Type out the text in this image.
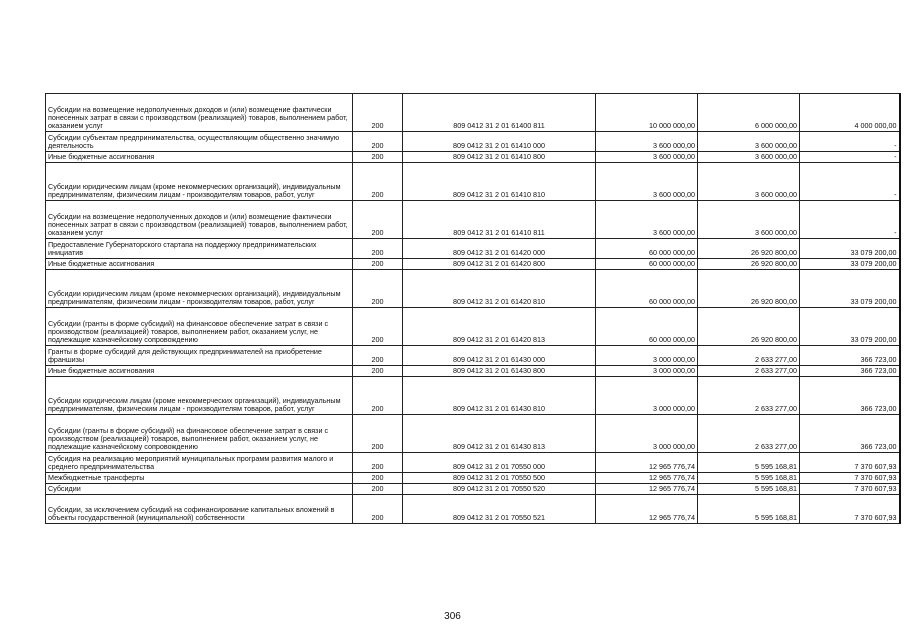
Субсидии на возмещение недополученных доходов и (или) возмещение фактически понесенных затрат в связи с производством (реализацией) товаров, выполнением работ, оказанием услуг	200	809 0412 31 2 01 61400 811	10 000 000,00	6 000 000,00	4 000 000,00
Субсидии субъектам предпринимательства, осуществляющим общественно значимую деятельность	200	809 0412 31 2 01 61410 000	3 600 000,00	3 600 000,00	-
Иные бюджетные ассигнования	200	809 0412 31 2 01 61410 800	3 600 000,00	3 600 000,00	-
Субсидии юридическим лицам (кроме некоммерческих организаций), индивидуальным предпринимателям, физическим лицам - производителям товаров, работ, услуг	200	809 0412 31 2 01 61410 810	3 600 000,00	3 600 000,00	-
Субсидии на возмещение недополученных доходов и (или) возмещение фактически понесенных затрат в связи с производством (реализацией) товаров, выполнением работ, оказанием услуг	200	809 0412 31 2 01 61410 811	3 600 000,00	3 600 000,00	-
Предоставление Губернаторского стартапа на поддержку предпринимательских инициатив	200	809 0412 31 2 01 61420 000	60 000 000,00	26 920 800,00	33 079 200,00
Иные бюджетные ассигнования	200	809 0412 31 2 01 61420 800	60 000 000,00	26 920 800,00	33 079 200,00
Субсидии юридическим лицам (кроме некоммерческих организаций), индивидуальным предпринимателям, физическим лицам - производителям товаров, работ, услуг	200	809 0412 31 2 01 61420 810	60 000 000,00	26 920 800,00	33 079 200,00
Субсидии (гранты в форме субсидий) на финансовое обеспечение затрат в связи с производством (реализацией) товаров, выполнением работ, оказанием услуг, не подлежащие казначейскому сопровождению	200	809 0412 31 2 01 61420 813	60 000 000,00	26 920 800,00	33 079 200,00
Гранты в форме субсидий для действующих предпринимателей на приобретение франшизы	200	809 0412 31 2 01 61430 000	3 000 000,00	2 633 277,00	366 723,00
Иные бюджетные ассигнования	200	809 0412 31 2 01 61430 800	3 000 000,00	2 633 277,00	366 723,00
Субсидии юридическим лицам (кроме некоммерческих организаций), индивидуальным предпринимателям, физическим лицам - производителям товаров, работ, услуг	200	809 0412 31 2 01 61430 810	3 000 000,00	2 633 277,00	366 723,00
Субсидии (гранты в форме субсидий) на финансовое обеспечение затрат в связи с производством (реализацией) товаров, выполнением работ, оказанием услуг, не подлежащие казначейскому сопровождению	200	809 0412 31 2 01 61430 813	3 000 000,00	2 633 277,00	366 723,00
Субсидия на реализацию мероприятий муниципальных программ развития малого и среднего предпринимательства	200	809 0412 31 2 01 70550 000	12 965 776,74	5 595 168,81	7 370 607,93
Межбюджетные трансферты	200	809 0412 31 2 01 70550 500	12 965 776,74	5 595 168,81	7 370 607,93
Субсидии	200	809 0412 31 2 01 70550 520	12 965 776,74	5 595 168,81	7 370 607,93
Субсидии, за исключением субсидий на софинансирование капитальных вложений в объекты государственной (муниципальной) собственности	200	809 0412 31 2 01 70550 521	12 965 776,74	5 595 168,81	7 370 607,93
306
